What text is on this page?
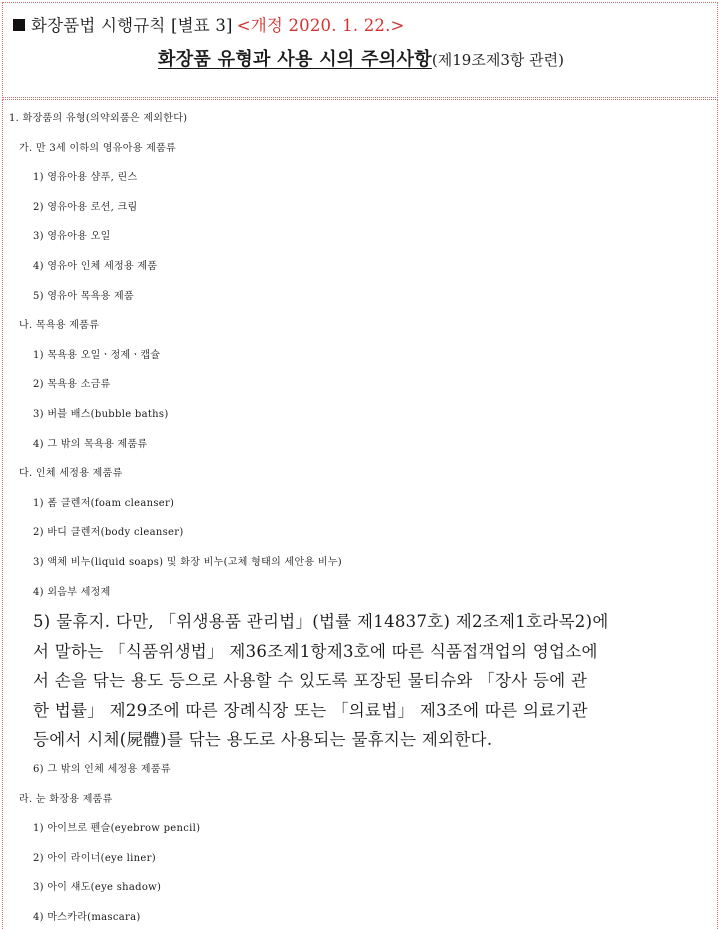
화장품법 시행규칙 [별표 3] <개정 2020. 1. 22.>
화장품 유형과 사용 시의 주의사항(제19조제3항 관련)
1. 화장품의 유형(의약외품은 제외한다)
가. 만 3세 이하의 영유아용 제품류
1) 영유아용 샴푸, 린스
2) 영유아용 로션, 크림
3) 영유아용 오일
4) 영유아 인체 세정용 제품
5) 영유아 목욕용 제품
나. 목욕용 제품류
1) 목욕용 오일ㆍ정제ㆍ캡슐
2) 목욕용 소금류
3) 버블 배스(bubble baths)
4) 그 밖의 목욕용 제품류
다. 인체 세정용 제품류
1) 폼 클렌저(foam cleanser)
2) 바디 클렌저(body cleanser)
3) 액체 비누(liquid soaps) 및 화장 비누(고체 형태의 세안용 비누)
4) 외음부 세정제
5) 물휴지. 다만, 「위생용품 관리법」(법률 제14837호) 제2조제1호라목2)에
서 말하는 「식품위생법」 제36조제1항제3호에 따른 식품접객업의 영업소에
서 손을 닦는 용도 등으로 사용할 수 있도록 포장된 물티슈와 「장사 등에 관
한 법률」 제29조에 따른 장례식장 또는 「의료법」 제3조에 따른 의료기관
등에서 시체(屍體)를 닦는 용도로 사용되는 물휴지는 제외한다.
6) 그 밖의 인체 세정용 제품류
라. 눈 화장용 제품류
1) 아이브로 펜슬(eyebrow pencil)
2) 아이 라이너(eye liner)
3) 아이 섀도(eye shadow)
4) 마스카라(mascara)
